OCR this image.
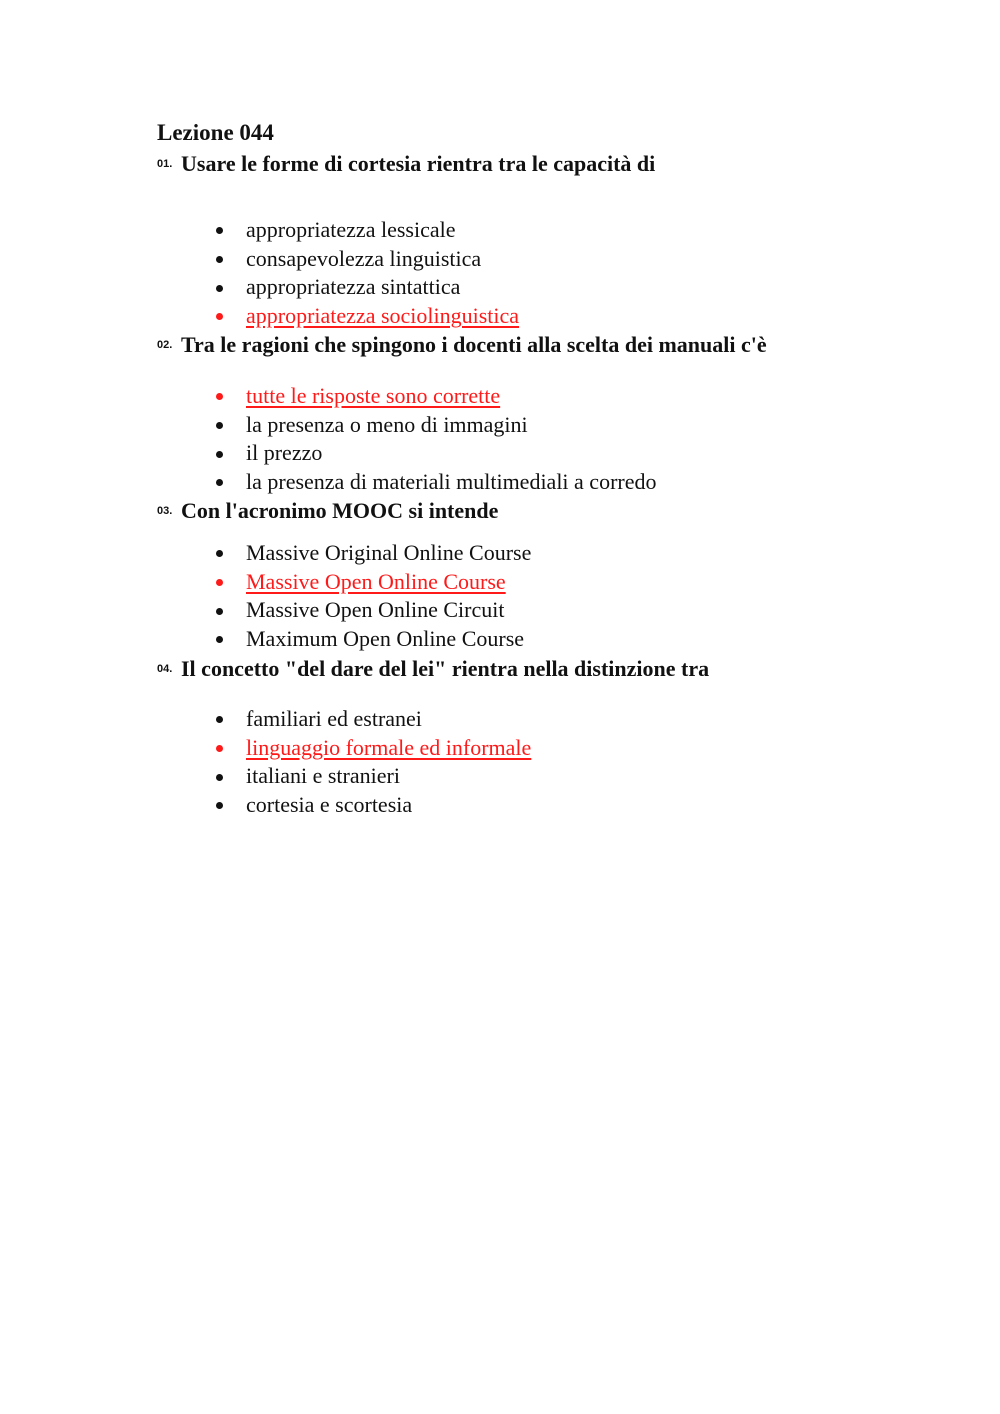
Lezione 044
01. Usare le forme di cortesia rientra tra le capacità di
appropriatezza lessicale
consapevolezza linguistica
appropriatezza sintattica
appropriatezza sociolinguistica
02. Tra le ragioni che spingono i docenti alla scelta dei manuali c'è
tutte le risposte sono corrette
la presenza o meno di immagini
il prezzo
la presenza di materiali multimediali a corredo
03. Con l'acronimo MOOC si intende
Massive Original Online Course
Massive Open Online Course
Massive Open Online Circuit
Maximum Open Online Course
04. Il concetto "del dare del lei" rientra nella distinzione tra
familiari ed estranei
linguaggio formale ed informale
italiani e stranieri
cortesia e scortesia
